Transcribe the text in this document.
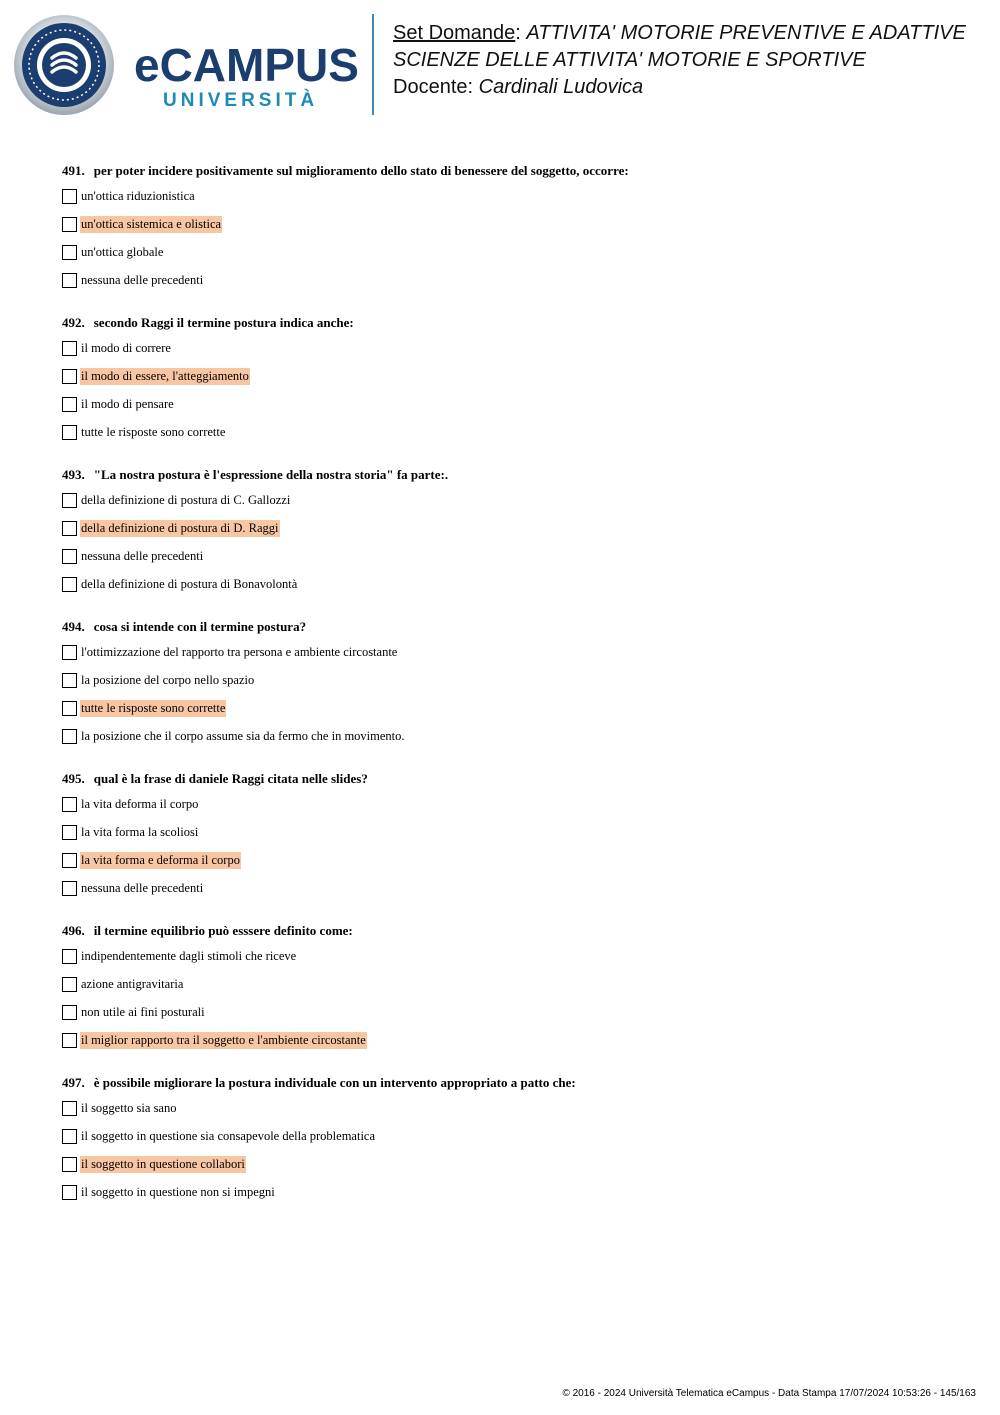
eCAMPUS
UNIVERSITÀ
Set Domande: ATTIVITA' MOTORIE PREVENTIVE E ADATTIVE
SCIENZE DELLE ATTIVITA' MOTORIE E SPORTIVE
Docente: Cardinali Ludovica
491. per poter incidere positivamente sul miglioramento dello stato di benessere del soggetto, occorre:
un'ottica riduzionistica
un'ottica sistemica e olistica
un'ottica globale
nessuna delle precedenti
492. secondo Raggi il termine postura indica anche:
il modo di correre
il modo di essere, l'atteggiamento
il modo di pensare
tutte le risposte sono corrette
493. "La nostra postura è l'espressione della nostra storia" fa parte:.
della definizione di postura di C. Gallozzi
della definizione di postura di D. Raggi
nessuna delle precedenti
della definizione di postura di Bonavolontà
494. cosa si intende con il termine postura?
l'ottimizzazione del rapporto tra persona e ambiente circostante
la posizione del corpo nello spazio
tutte le risposte sono corrette
la posizione che il corpo assume sia da fermo che in movimento.
495. qual è la frase di daniele Raggi citata nelle slides?
la vita deforma il corpo
la vita forma la scoliosi
la vita forma e deforma il corpo
nessuna delle precedenti
496. il termine equilibrio può esssere definito come:
indipendentemente dagli stimoli che riceve
azione antigravitaria
non utile ai fini posturali
il miglior rapporto tra il soggetto e l'ambiente circostante
497. è possibile migliorare la postura individuale con un intervento appropriato a patto che:
il soggetto sia sano
il soggetto in questione sia consapevole della problematica
il soggetto in questione collabori
il soggetto in questione non si impegni
© 2016 - 2024 Università Telematica eCampus - Data Stampa 17/07/2024 10:53:26 - 145/163
